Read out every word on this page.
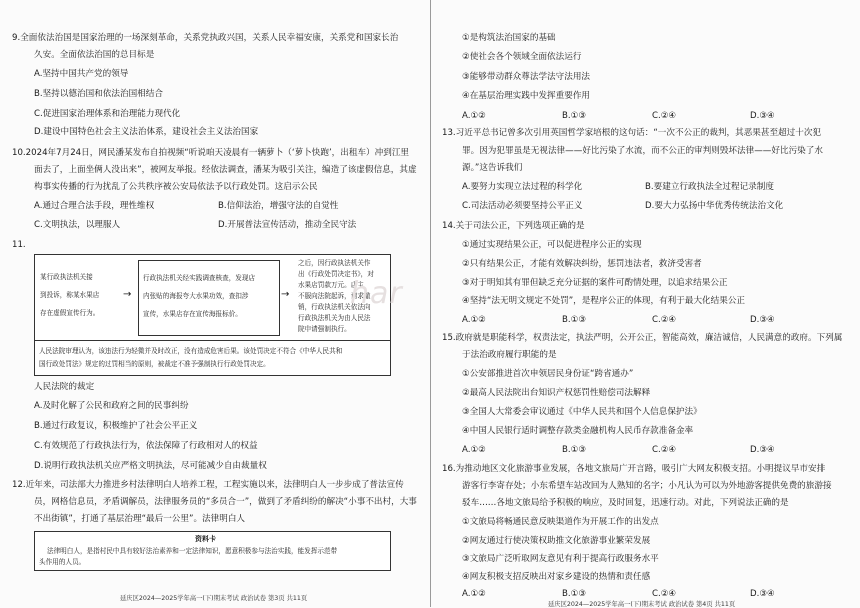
9.全面依法治国是国家治理的一场深刻革命，关系党执政兴国，关系人民幸福安康，关系党和国家长治
久安。全面依法治国的总目标是
A.坚持中国共产党的领导
B.坚持以德治国和依法治国相结合
C.促进国家治理体系和治理能力现代化
D.建设中国特色社会主义法治体系，建设社会主义法治国家
10.2024年7月24日，网民潘某发布自拍视频“听说咱天凌晨有一辆萝卜（‘萝卜快跑’，出租车）冲到江里
面去了，上面坐俩人没出来”，被网友举报。经依法调查，潘某为吸引关注，编造了该虚假信息，其虚
构事实传播的行为扰乱了公共秩序被公安局依法予以行政处罚。这启示公民
A.通过合理合法手段，理性维权	B.信仰法治，增强守法的自觉性
C.文明执法，以理服人	D.开展普法宣传活动，推动全民守法
11.
某行政执法机关接
到投诉，称某水果店
存在虚假宣传行为。
→
行政执法机关经实践调查核查，发现店
内张贴的海报夸大水果功效，查扣涉
宣传，水果店存在宣传海报标价。
→
之后，因行政执法机关作
出《行政处罚决定书》，对
水果店罚款万元。店主
不服向法院起诉，请求撤
销，行政执法机关依法向
行政执法机关为由人民法
院申请强制执行。
人民法院审理认为，该违法行为轻微并及时改正，没有造成危害后果。该处罚决定不符合《中华人民共和
国行政处罚法》规定的过罚相当的原则，被裁定不准予强制执行行政处罚决定。
人民法院的裁定
A.及时化解了公民和政府之间的民事纠纷
B.通过行政复议，积极维护了社会公平正义
C.有效规范了行政执法行为，依法保障了行政相对人的权益
D.说明行政执法机关应严格文明执法，尽可能减少自由裁量权
12.近年来，司法部大力推进乡村法律明白人培养工程，工程实施以来，法律明白人一步步成了普法宣传
员，网格信息员，矛盾调解员，法律服务员的“多员合一”，做到了矛盾纠纷的解决“小事不出村，大事
不出街镇”，打通了基层治理“最后一公里”。法律明白人
资料卡
法律明白人，是指村民中具有较好法治素养和一定法律知识，愿意积极参与法治实践，能发挥示范带
头作用的人员。
延庆区2024—2025学年高一(下)期末考试 政治试卷 第3页 共11页
①是构筑法治国家的基础
②使社会各个领域全面依法运行
③能够带动群众尊法学法守法用法
④在基层治理实践中发挥重要作用
A.①②	B.①③	C.②④	D.③④
13.习近平总书记曾多次引用英国哲学家培根的这句话：“一次不公正的裁判，其恶果甚至超过十次犯
罪。因为犯罪虽是无视法律——好比污染了水流，而不公正的审判则毁坏法律——好比污染了水
源。”这告诉我们
A.要努力实现立法过程的科学化	B.要建立行政执法全过程记录制度
C.司法活动必须要坚持公平正义	D.要大力弘扬中华优秀传统法治文化
14.关于司法公正，下列选项正确的是
①通过实现结果公正，可以促进程序公正的实现
②只有结果公正，才能有效解决纠纷，惩罚违法者，救济受害者
③对于明知其有罪但缺乏充分证据的案件可酌情处理，以追求结果公正
④坚持“法无明文规定不处罚”，是程序公正的体现，有利于最大化结果公正
A.①②	B.①③	C.②④	D.③④
15.政府就是职能科学，权责法定，执法严明，公开公正，智能高效，廉洁诚信，人民满意的政府。下列属
于法治政府履行职能的是
①公安部推进首次申领居民身份证“跨省通办”
②最高人民法院出台知识产权惩罚性赔偿司法解释
③全国人大常委会审议通过《中华人民共和国个人信息保护法》
④中国人民银行适时调整存款类金融机构人民币存款准备金率
A.①②	B.①③	C.②④	D.③④
16.为推动地区文化旅游事业发展，各地文旅局广开言路，吸引广大网友积极支招。小明提议早市安排
游客行李寄存处；小东希望车站改回为人熟知的名字；小凡认为可以为外地游客提供免费的旅游接
驳车……各地文旅局给予积极的响应，及时回复，迅速行动。对此，下列说法正确的是
①文旅局将畅通民意反映渠道作为开展工作的出发点
②网友通过行使决策权助推文化旅游事业繁荣发展
③文旅局广泛听取网友意见有利于提高行政服务水平
④网友积极支招反映出对家乡建设的热情和责任感
A.①②	B.①③	C.②④	D.③④
延庆区2024—2025学年高一(下)期末考试 政治试卷 第4页 共11页
har
